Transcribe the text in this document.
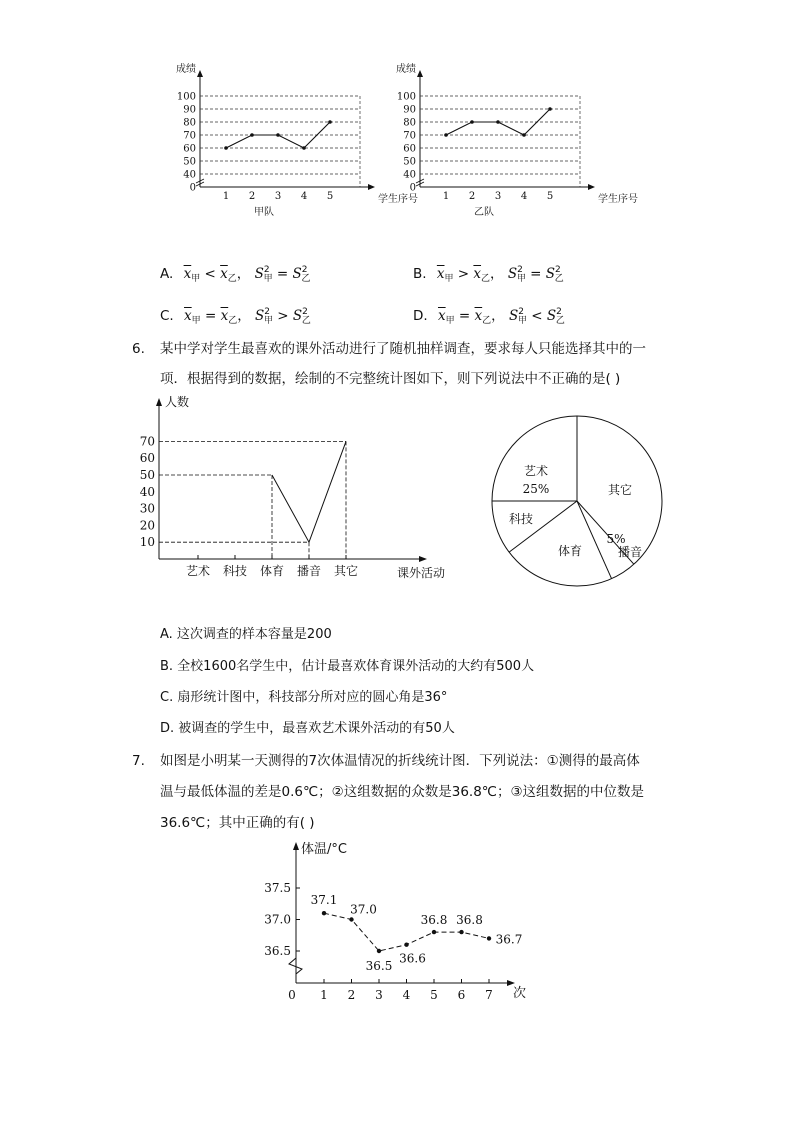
100
90
80
70
60
50
40
0
成绩
1 2 3 4 5	学生序号
甲队
100
90
80
70
60
50
40
0
成绩
1 2 3 4 5	学生序号
乙队
A. $\overline{x}_甲 < \overline{x}_乙$， $S^2_甲 = S^2_乙$	B. $\overline{x}_甲 > \overline{x}_乙$， $S^2_甲 = S^2_乙$
C. $\overline{x}_甲 = \overline{x}_乙$， $S^2_甲 > S^2_乙$	D. $\overline{x}_甲 = \overline{x}_乙$， $S^2_甲 < S^2_乙$
6. 某中学对学生最喜欢的课外活动进行了随机抽样调查，要求每人只能选择其中的一
项．根据得到的数据，绘制的不完整统计图如下，则下列说法中不正确的是( )
人数
课外活动
70
60
50
40
30
20
10
艺术 科技 体育 播音 其它
艺术
25%	其它
科技
体育
5%
播音
A. 这次调查的样本容量是200
B. 全校1600名学生中，估计最喜欢体育课外活动的大约有500人
C. 扇形统计图中，科技部分所对应的圆心角是36°
D. 被调查的学生中，最喜欢艺术课外活动的有50人
7. 如图是小明某一天测得的7次体温情况的折线统计图．下列说法：①测得的最高体
温与最低体温的差是0.6℃；②这组数据的众数是36.8℃；③这组数据的中位数是
36.6℃；其中正确的有( )
体温/°C
次
0
37.5
37.0
36.5
1 2 3 4 5 6 7
37.1
37.0
36.5
36.6
36.8 36.8
36.7
